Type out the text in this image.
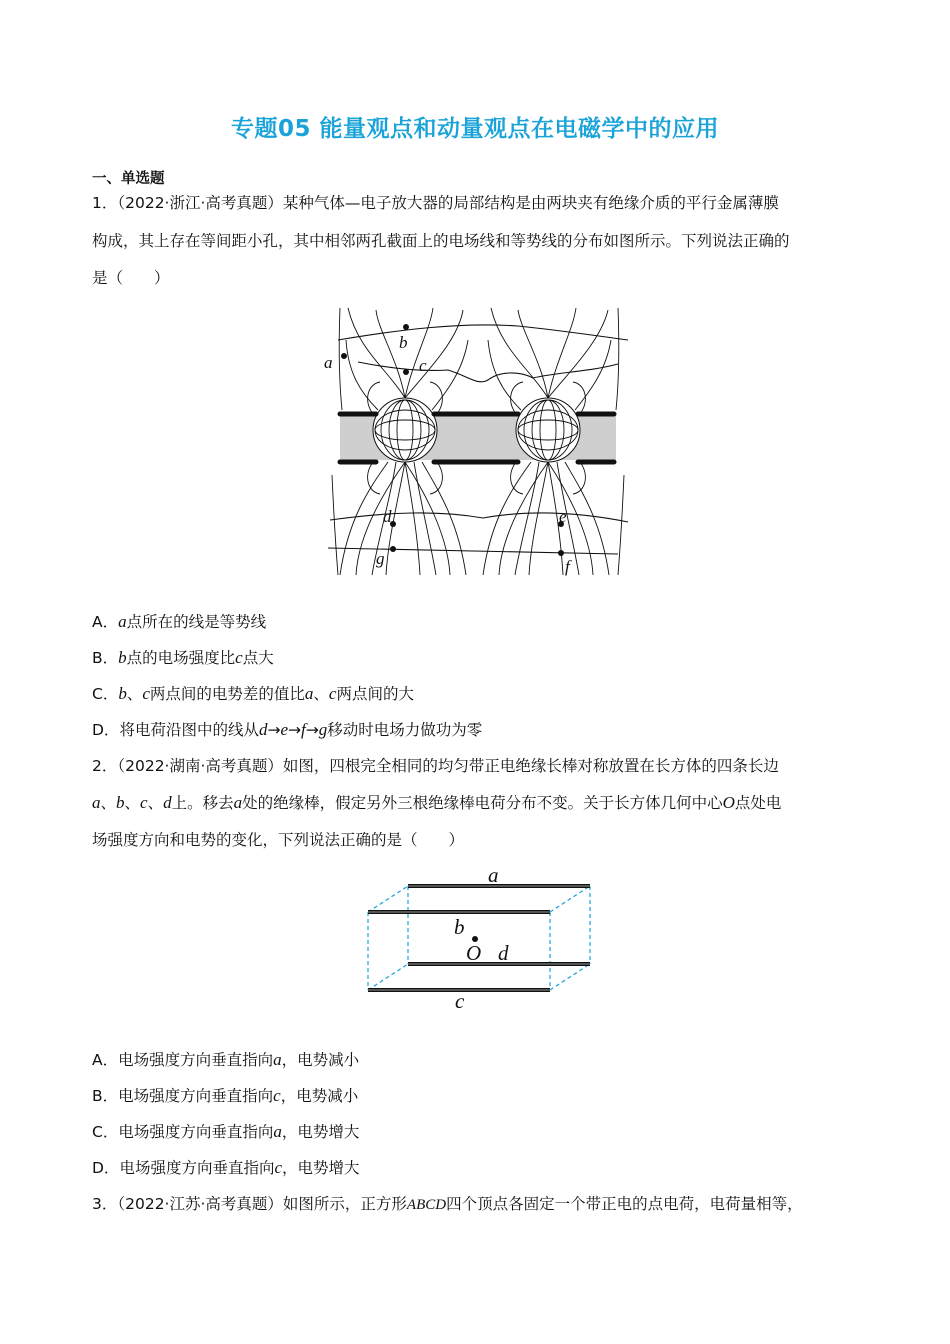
专题05 能量观点和动量观点在电磁学中的应用
一、单选题
1．（2022·浙江·高考真题）某种气体—电子放大器的局部结构是由两块夹有绝缘介质的平行金属薄膜
构成，其上存在等间距小孔，其中相邻两孔截面上的电场线和等势线的分布如图所示。下列说法正确的
是（　　）
a
b
c
d	e
f
g
A．a点所在的线是等势线
B．b点的电场强度比c点大
C．b、c两点间的电势差的值比a、c两点间的大
D．将电荷沿图中的线从d→e→f→g移动时电场力做功为零
2．（2022·湖南·高考真题）如图，四根完全相同的均匀带正电绝缘长棒对称放置在长方体的四条长边
a、b、c、d上。移去a处的绝缘棒，假定另外三根绝缘棒电荷分布不变。关于长方体几何中心O点处电
场强度方向和电势的变化，下列说法正确的是（　　）
a
b
O d
c
A．电场强度方向垂直指向a，电势减小
B．电场强度方向垂直指向c，电势减小
C．电场强度方向垂直指向a，电势增大
D．电场强度方向垂直指向c，电势增大
3．（2022·江苏·高考真题）如图所示，正方形ABCD四个顶点各固定一个带正电的点电荷，电荷量相等，
